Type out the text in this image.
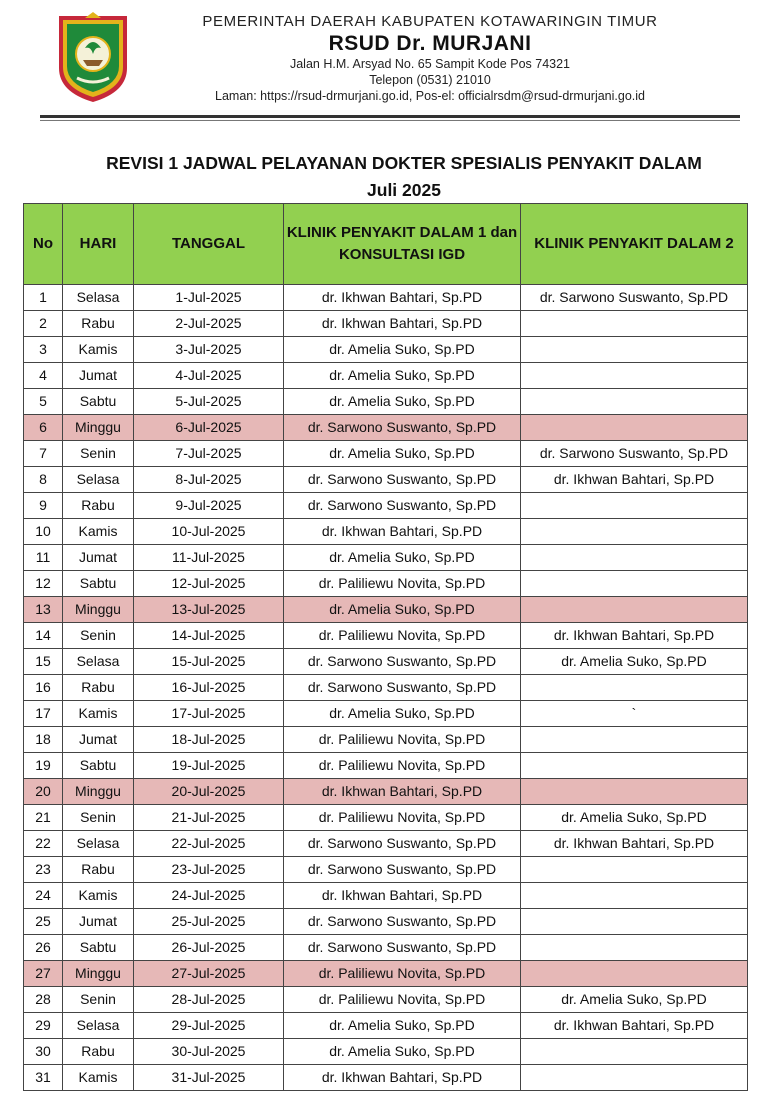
PEMERINTAH DAERAH KABUPATEN KOTAWARINGIN TIMUR
RSUD Dr. MURJANI
Jalan H.M. Arsyad No. 65 Sampit Kode Pos 74321
Telepon (0531) 21010
Laman: https://rsud-drmurjani.go.id, Pos-el: officialrsdm@rsud-drmurjani.go.id
REVISI 1 JADWAL PELAYANAN DOKTER SPESIALIS PENYAKIT DALAM
Juli 2025
No	HARI	TANGGAL	KLINIK PENYAKIT DALAM 1 dan KONSULTASI IGD	KLINIK PENYAKIT DALAM 2
1	Selasa	1-Jul-2025	dr. Ikhwan Bahtari, Sp.PD	dr. Sarwono Suswanto, Sp.PD
2	Rabu	2-Jul-2025	dr. Ikhwan Bahtari, Sp.PD	
3	Kamis	3-Jul-2025	dr. Amelia Suko, Sp.PD	
4	Jumat	4-Jul-2025	dr. Amelia Suko, Sp.PD	
5	Sabtu	5-Jul-2025	dr. Amelia Suko, Sp.PD	
6	Minggu	6-Jul-2025	dr. Sarwono Suswanto, Sp.PD	
7	Senin	7-Jul-2025	dr. Amelia Suko, Sp.PD	dr. Sarwono Suswanto, Sp.PD
8	Selasa	8-Jul-2025	dr. Sarwono Suswanto, Sp.PD	dr. Ikhwan Bahtari, Sp.PD
9	Rabu	9-Jul-2025	dr. Sarwono Suswanto, Sp.PD	
10	Kamis	10-Jul-2025	dr. Ikhwan Bahtari, Sp.PD	
11	Jumat	11-Jul-2025	dr. Amelia Suko, Sp.PD	
12	Sabtu	12-Jul-2025	dr. Paliliewu Novita, Sp.PD	
13	Minggu	13-Jul-2025	dr. Amelia Suko, Sp.PD	
14	Senin	14-Jul-2025	dr. Paliliewu Novita, Sp.PD	dr. Ikhwan Bahtari, Sp.PD
15	Selasa	15-Jul-2025	dr. Sarwono Suswanto, Sp.PD	dr. Amelia Suko, Sp.PD
16	Rabu	16-Jul-2025	dr. Sarwono Suswanto, Sp.PD	
17	Kamis	17-Jul-2025	dr. Amelia Suko, Sp.PD	`
18	Jumat	18-Jul-2025	dr. Paliliewu Novita, Sp.PD	
19	Sabtu	19-Jul-2025	dr. Paliliewu Novita, Sp.PD	
20	Minggu	20-Jul-2025	dr. Ikhwan Bahtari, Sp.PD	
21	Senin	21-Jul-2025	dr. Paliliewu Novita, Sp.PD	dr. Amelia Suko, Sp.PD
22	Selasa	22-Jul-2025	dr. Sarwono Suswanto, Sp.PD	dr. Ikhwan Bahtari, Sp.PD
23	Rabu	23-Jul-2025	dr. Sarwono Suswanto, Sp.PD	
24	Kamis	24-Jul-2025	dr. Ikhwan Bahtari, Sp.PD	
25	Jumat	25-Jul-2025	dr. Sarwono Suswanto, Sp.PD	
26	Sabtu	26-Jul-2025	dr. Sarwono Suswanto, Sp.PD	
27	Minggu	27-Jul-2025	dr. Paliliewu Novita, Sp.PD	
28	Senin	28-Jul-2025	dr. Paliliewu Novita, Sp.PD	dr. Amelia Suko, Sp.PD
29	Selasa	29-Jul-2025	dr. Amelia Suko, Sp.PD	dr. Ikhwan Bahtari, Sp.PD
30	Rabu	30-Jul-2025	dr. Amelia Suko, Sp.PD	
31	Kamis	31-Jul-2025	dr. Ikhwan Bahtari, Sp.PD	
